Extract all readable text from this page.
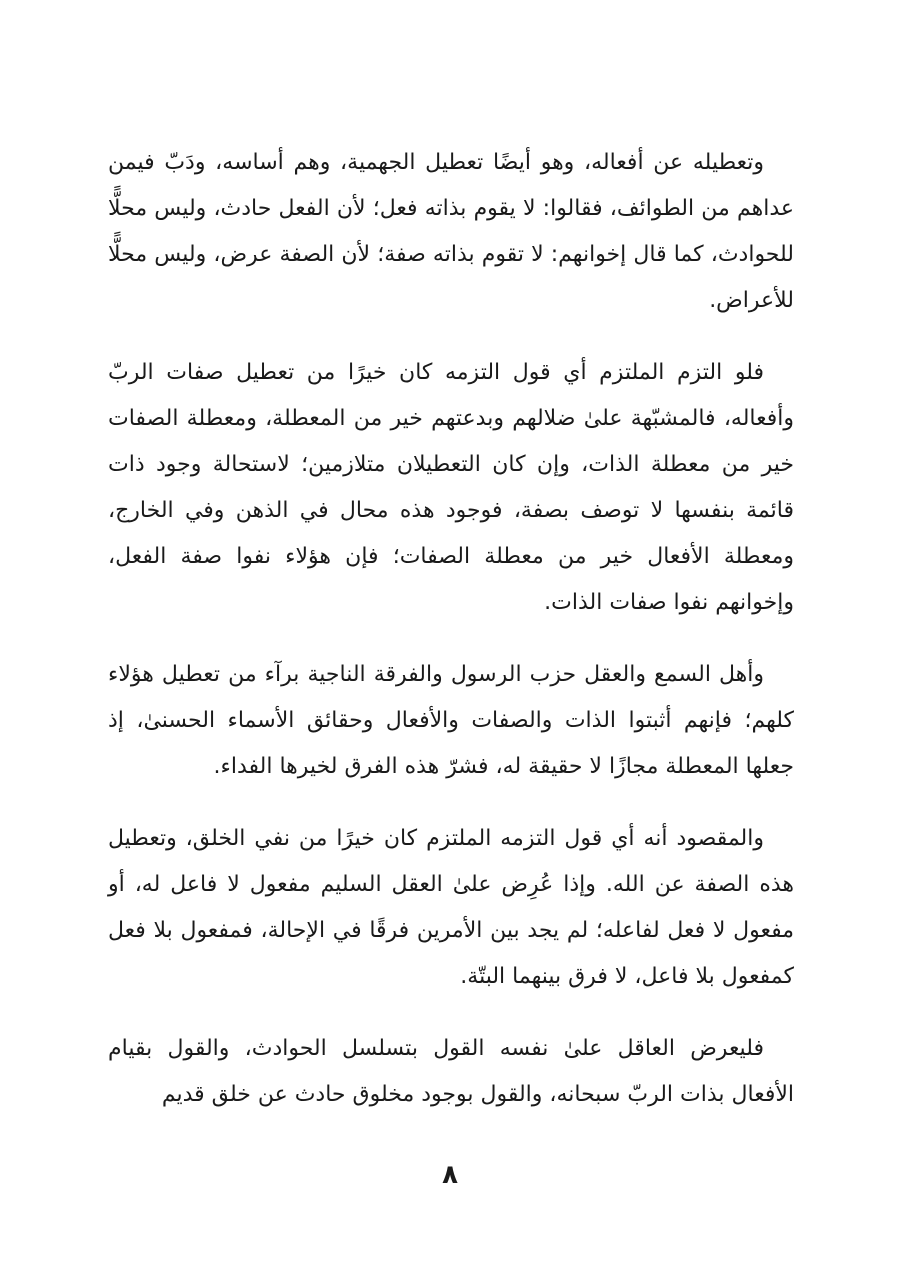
وتعطيله عن أفعاله، وهو أيضًا تعطيل الجهمية، وهم أساسه، ودَبّ فيمن عداهم من الطوائف، فقالوا: لا يقوم بذاته فعل؛ لأن الفعل حادث، وليس محلًّا للحوادث، كما قال إخوانهم: لا تقوم بذاته صفة؛ لأن الصفة عرض، وليس محلًّا للأعراض.

فلو التزم الملتزم أي قول التزمه كان خيرًا من تعطيل صفات الربّ وأفعاله، فالمشبّهة علىٰ ضلالهم وبدعتهم خير من المعطلة، ومعطلة الصفات خير من معطلة الذات، وإن كان التعطيلان متلازمين؛ لاستحالة وجود ذات قائمة بنفسها لا توصف بصفة، فوجود هذه محال في الذهن وفي الخارج، ومعطلة الأفعال خير من معطلة الصفات؛ فإن هؤلاء نفوا صفة الفعل، وإخوانهم نفوا صفات الذات.

وأهل السمع والعقل حزب الرسول والفرقة الناجية برآء من تعطيل هؤلاء كلهم؛ فإنهم أثبتوا الذات والصفات والأفعال وحقائق الأسماء الحسنىٰ، إذ جعلها المعطلة مجازًا لا حقيقة له، فشرّ هذه الفرق لخيرها الفداء.

والمقصود أنه أي قول التزمه الملتزم كان خيرًا من نفي الخلق، وتعطيل هذه الصفة عن الله. وإذا عُرِض علىٰ العقل السليم مفعول لا فاعل له، أو مفعول لا فعل لفاعله؛ لم يجد بين الأمرين فرقًا في الإحالة، فمفعول بلا فعل كمفعول بلا فاعل، لا فرق بينهما البتّة.

فليعرض العاقل علىٰ نفسه القول بتسلسل الحوادث، والقول بقيام الأفعال بذات الربّ سبحانه، والقول بوجود مخلوق حادث عن خلق قديم

٨
